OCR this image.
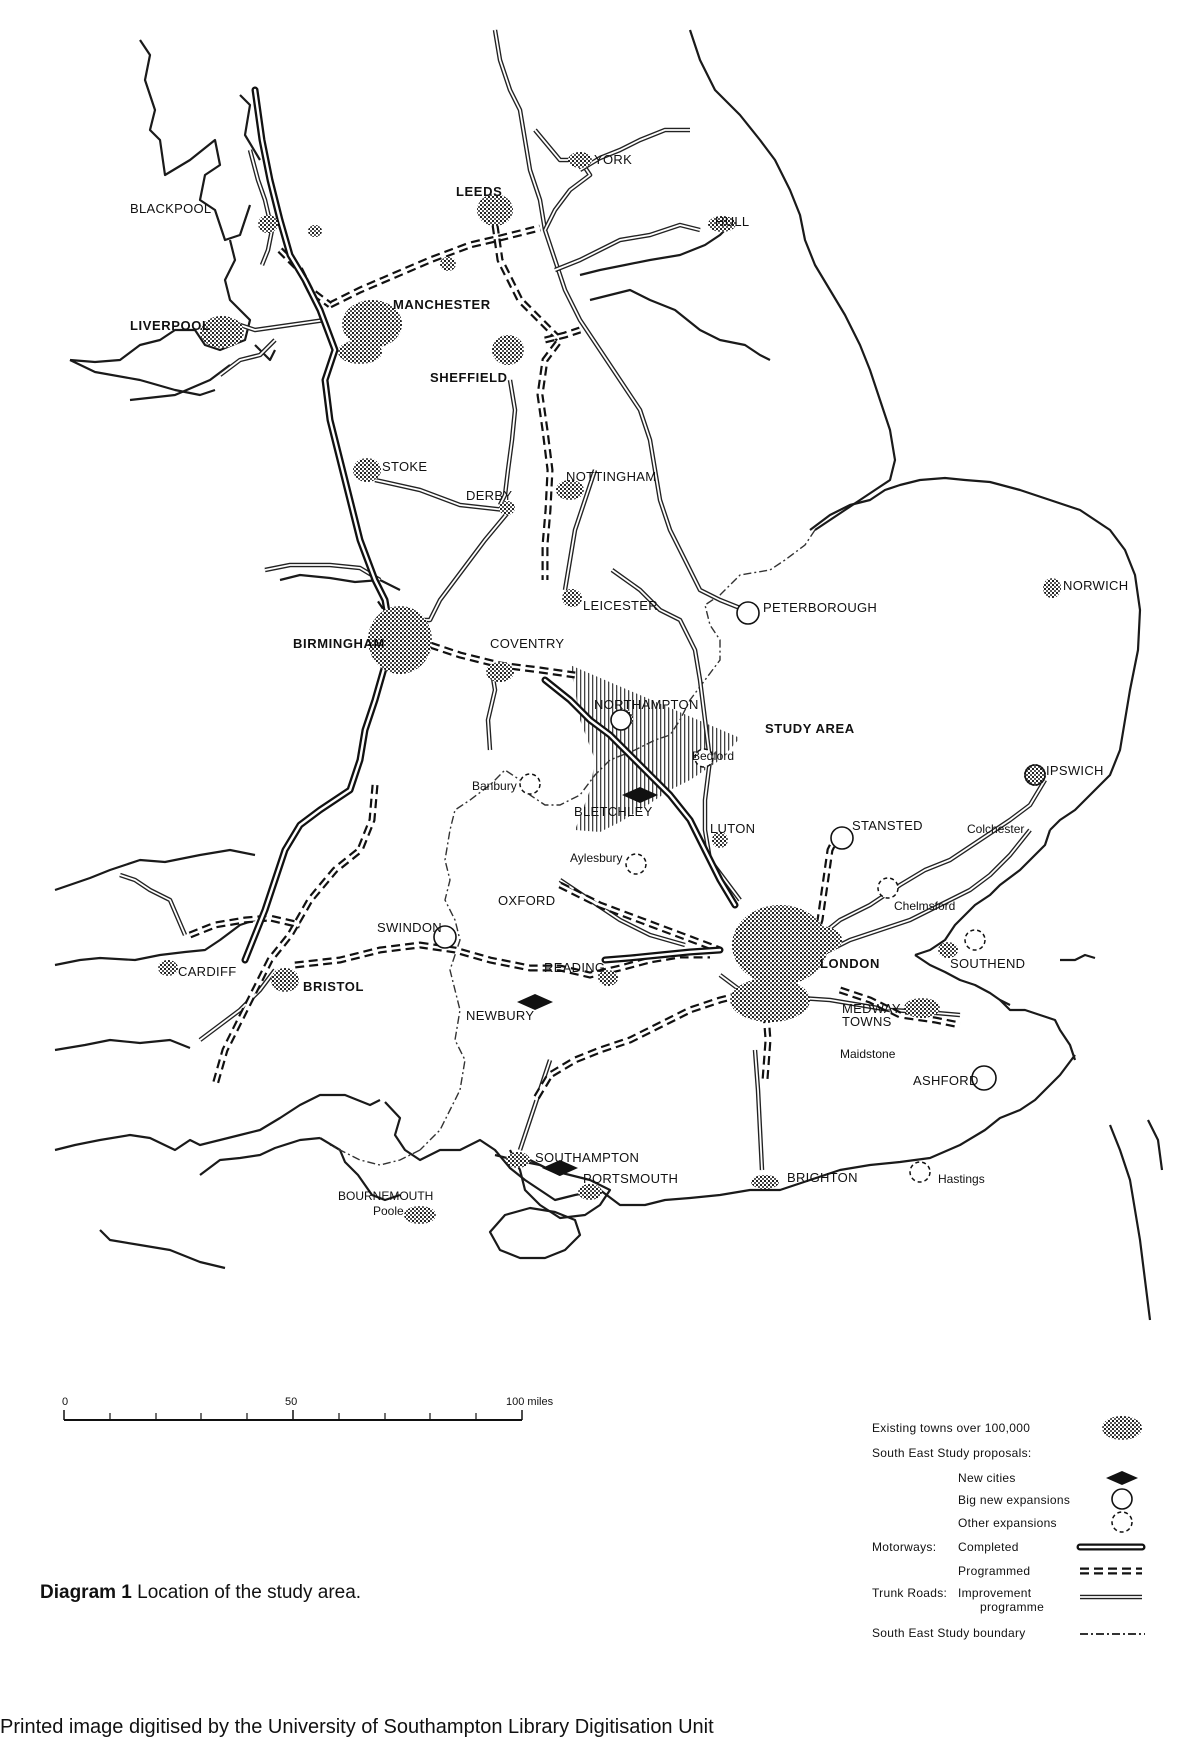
YORK
LEEDS
HULL
BLACKPOOL
LIVERPOOL
MANCHESTER
SHEFFIELD
STOKE
DERBY
NOTTINGHAM
LEICESTER	PETERBOROUGH
NORWICH
BIRMINGHAM	COVENTRY
NORTHAMPTON
Bedford
STUDY AREA
Banbury
BLETCHLEY
IPSWICH
LUTON	STANSTED	Colchester
Aylesbury
OXFORD	Chelmsford
SWINDON
SOUTHEND
LONDON
READING
CARDIFF
BRISTOL
NEWBURY	MEDWAY
TOWNS
Maidstone
ASHFORD
SOUTHAMPTON
PORTSMOUTH	BRIGHTON	Hastings
BOURNEMOUTH
Poole
0	50	100 miles
Existing towns over 100,000
South East Study proposals:
New cities
Big new expansions
Other expansions
Motorways: Completed
Programmed
Trunk Roads: Improvement
programme
South East Study boundary
Diagram 1 Location of the study area.
Printed image digitised by the University of Southampton Library Digitisation Unit
